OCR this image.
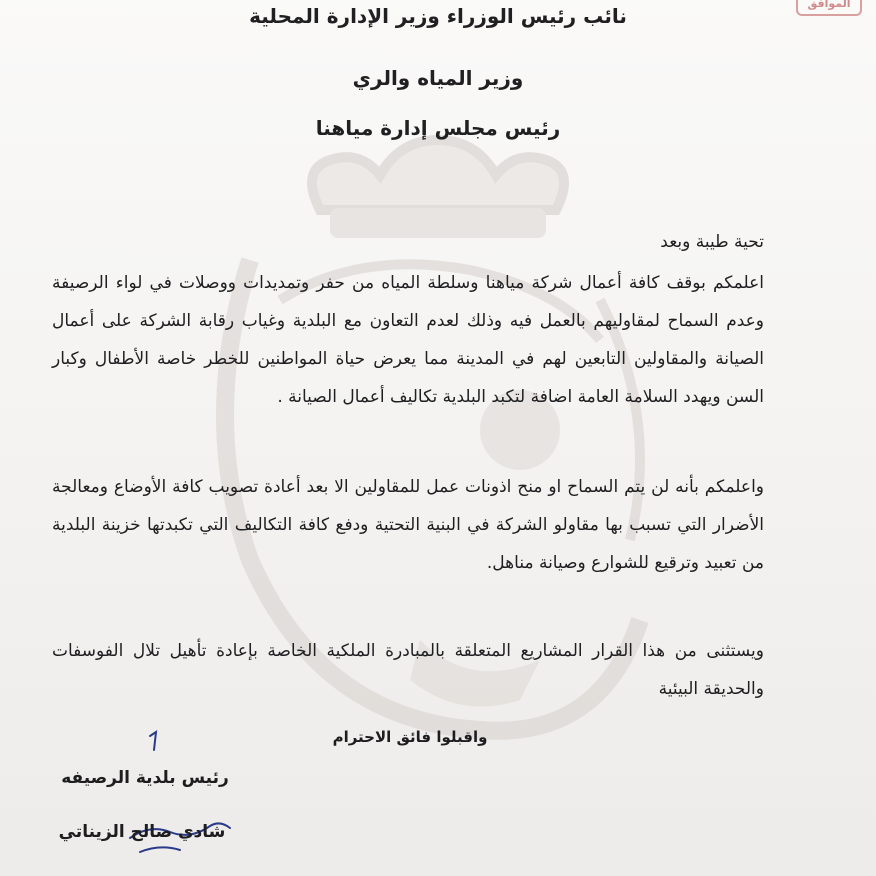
الموافق
نائب رئيس الوزراء وزير الإدارة المحلية
وزير المياه والري
رئيس مجلس إدارة مياهنا
تحية طيبة وبعد
اعلمكم بوقف كافة أعمال شركة مياهنا وسلطة المياه من حفر وتمديدات ووصلات في لواء الرصيفة وعدم السماح لمقاوليهم بالعمل فيه وذلك لعدم التعاون مع البلدية وغياب رقابة الشركة على أعمال الصيانة والمقاولين التابعين لهم في المدينة مما يعرض حياة المواطنين للخطر خاصة الأطفال وكبار السن ويهدد السلامة العامة اضافة لتكبد البلدية تكاليف أعمال الصيانة .
واعلمكم بأنه لن يتم السماح او منح اذونات عمل للمقاولين الا بعد أعادة تصويب كافة الأوضاع ومعالجة الأضرار التي تسبب بها مقاولو الشركة في البنية التحتية ودفع كافة التكاليف التي تكبدتها خزينة البلدية من تعبيد وترقيع للشوارع وصيانة مناهل.
ويستثنى من هذا القرار المشاريع المتعلقة بالمبادرة الملكية الخاصة بإعادة تأهيل تلال الفوسفات والحديقة البيئية
واقبلوا فائق الاحترام
رئيس بلدية الرصيفه
شادي صالح الزيناتي
